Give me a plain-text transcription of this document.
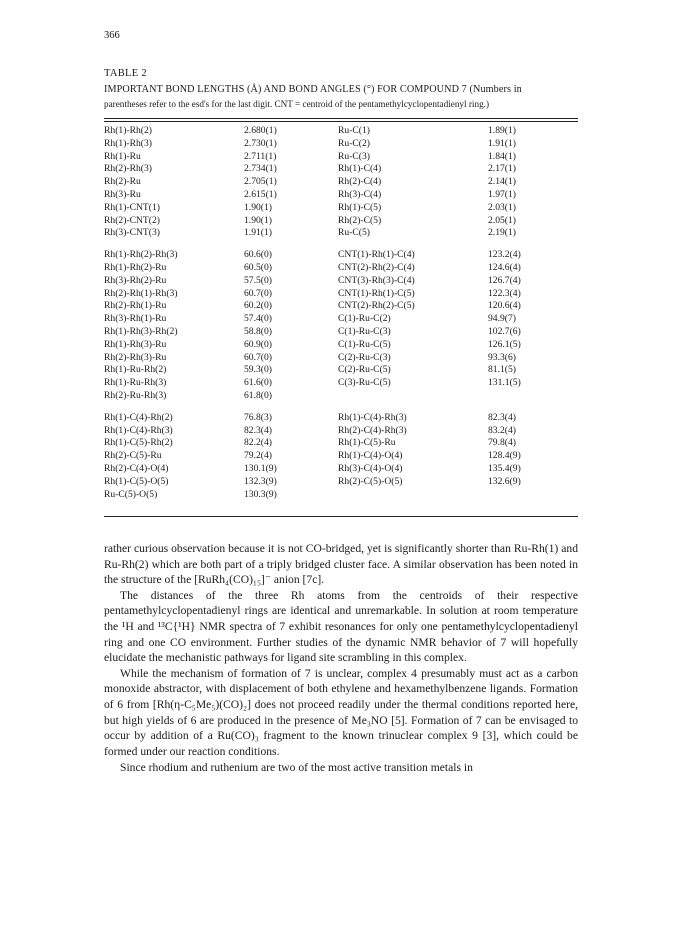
366
TABLE 2
IMPORTANT BOND LENGTHS (Å) AND BOND ANGLES (°) FOR COMPOUND 7 (Numbers in
parentheses refer to the esd's for the last digit. CNT = centroid of the pentamethylcyclopentadienyl ring.)
Rh(1)-Rh(2)	2.680(1)	Ru-C(1)	1.89(1)
Rh(1)-Rh(3)	2.730(1)	Ru-C(2)	1.91(1)
Rh(1)-Ru	2.711(1)	Ru-C(3)	1.84(1)
Rh(2)-Rh(3)	2.734(1)	Rh(1)-C(4)	2.17(1)
Rh(2)-Ru	2.705(1)	Rh(2)-C(4)	2.14(1)
Rh(3)-Ru	2.615(1)	Rh(3)-C(4)	1.97(1)
Rh(1)-CNT(1)	1.90(1)	Rh(1)-C(5)	2.03(1)
Rh(2)-CNT(2)	1.90(1)	Rh(2)-C(5)	2.05(1)
Rh(3)-CNT(3)	1.91(1)	Ru-C(5)	2.19(1)
Rh(1)-Rh(2)-Rh(3)	60.6(0)	CNT(1)-Rh(1)-C(4)	123.2(4)
Rh(1)-Rh(2)-Ru	60.5(0)	CNT(2)-Rh(2)-C(4)	124.6(4)
Rh(3)-Rh(2)-Ru	57.5(0)	CNT(3)-Rh(3)-C(4)	126.7(4)
Rh(2)-Rh(1)-Rh(3)	60.7(0)	CNT(1)-Rh(1)-C(5)	122.3(4)
Rh(2)-Rh(1)-Ru	60.2(0)	CNT(2)-Rh(2)-C(5)	120.6(4)
Rh(3)-Rh(1)-Ru	57.4(0)	C(1)-Ru-C(2)	94.9(7)
Rh(1)-Rh(3)-Rh(2)	58.8(0)	C(1)-Ru-C(3)	102.7(6)
Rh(1)-Rh(3)-Ru	60.9(0)	C(1)-Ru-C(5)	126.1(5)
Rh(2)-Rh(3)-Ru	60.7(0)	C(2)-Ru-C(3)	93.3(6)
Rh(1)-Ru-Rh(2)	59.3(0)	C(2)-Ru-C(5)	81.1(5)
Rh(1)-Ru-Rh(3)	61.6(0)	C(3)-Ru-C(5)	131.1(5)
Rh(2)-Ru-Rh(3)	61.8(0)
Rh(1)-C(4)-Rh(2)	76.8(3)	Rh(1)-C(4)-Rh(3)	82.3(4)
Rh(1)-C(4)-Rh(3)	82.3(4)	Rh(2)-C(4)-Rh(3)	83.2(4)
Rh(1)-C(5)-Rh(2)	82.2(4)	Rh(1)-C(5)-Ru	79.8(4)
Rh(2)-C(5)-Ru	79.2(4)	Rh(1)-C(4)-O(4)	128.4(9)
Rh(2)-C(4)-O(4)	130.1(9)	Rh(3)-C(4)-O(4)	135.4(9)
Rh(1)-C(5)-O(5)	132.3(9)	Rh(2)-C(5)-O(5)	132.6(9)
Ru-C(5)-O(5)	130.3(9)

rather curious observation because it is not CO-bridged, yet is significantly shorter than Ru-Rh(1) and Ru-Rh(2) which are both part of a triply bridged cluster face. A similar observation has been noted in the structure of the [RuRh₄(CO)₁₅]⁻ anion [7c].

The distances of the three Rh atoms from the centroids of their respective pentamethylcyclopentadienyl rings are identical and unremarkable. In solution at room temperature the ¹H and ¹³C{¹H} NMR spectra of 7 exhibit resonances for only one pentamethylcyclopentadienyl ring and one CO environment. Further studies of the dynamic NMR behavior of 7 will hopefully elucidate the mechanistic pathways for ligand site scrambling in this complex.

While the mechanism of formation of 7 is unclear, complex 4 presumably must act as a carbon monoxide abstractor, with displacement of both ethylene and hexamethylbenzene ligands. Formation of 6 from [Rh(η-C₅Me₅)(CO)₂] does not proceed readily under the thermal conditions reported here, but high yields of 6 are produced in the presence of Me₃NO [5]. Formation of 7 can be envisaged to occur by addition of a Ru(CO)₃ fragment to the known trinuclear complex 9 [3], which could be formed under our reaction conditions.

Since rhodium and ruthenium are two of the most active transition metals in
